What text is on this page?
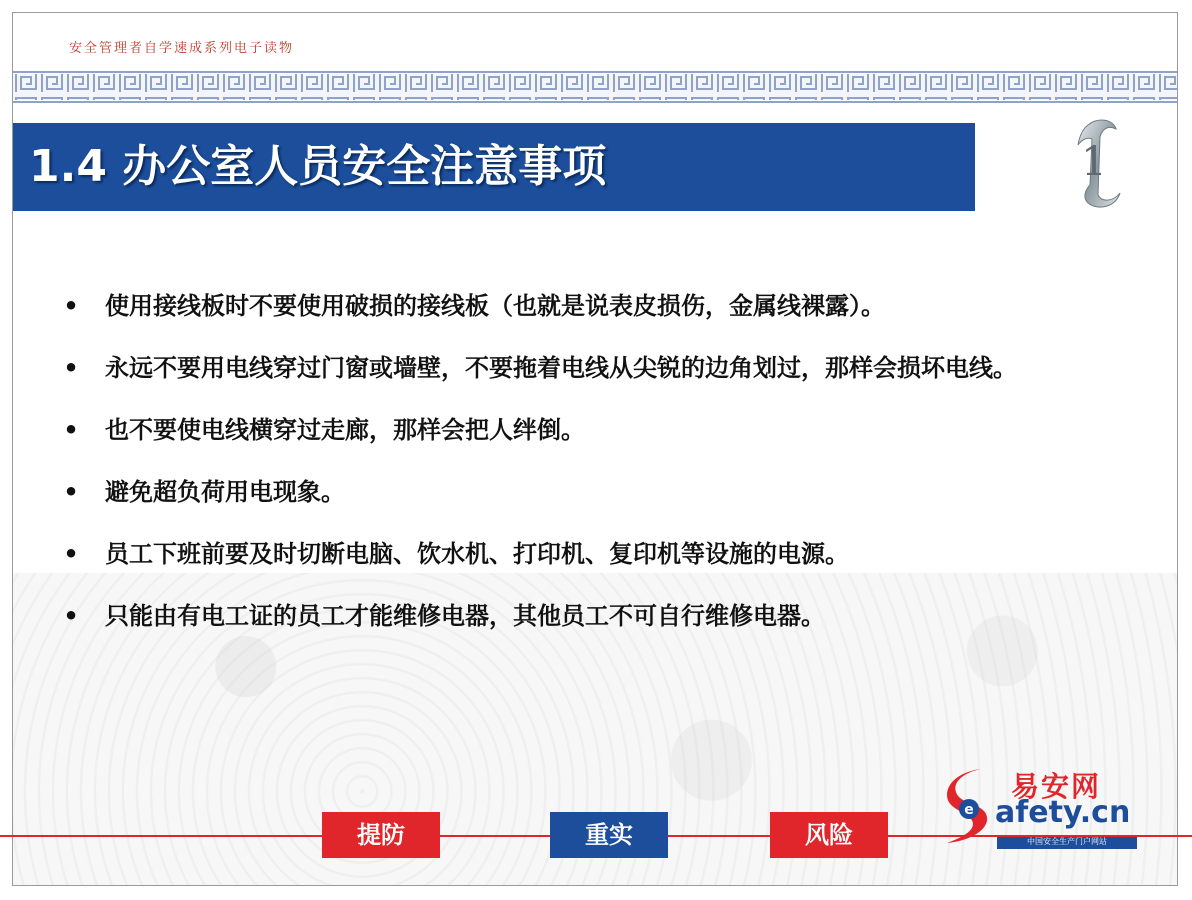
安全管理者自学速成系列电子读物
1.4 办公室人员安全注意事项	1

• 使用接线板时不要使用破损的接线板（也就是说表皮损伤，金属线裸露）。

• 永远不要用电线穿过门窗或墙壁，不要拖着电线从尖锐的边角划过，那样会损坏电线。

• 也不要使电线横穿过走廊，那样会把人绊倒。

• 避免超负荷用电现象。

• 员工下班前要及时切断电脑、饮水机、打印机、复印机等设施的电源。

• 只能由有电工证的员工才能维修电器，其他员工不可自行维修电器。

e
易安网
afety.cn
中国安全生产门户网站
提防	重实	风险
